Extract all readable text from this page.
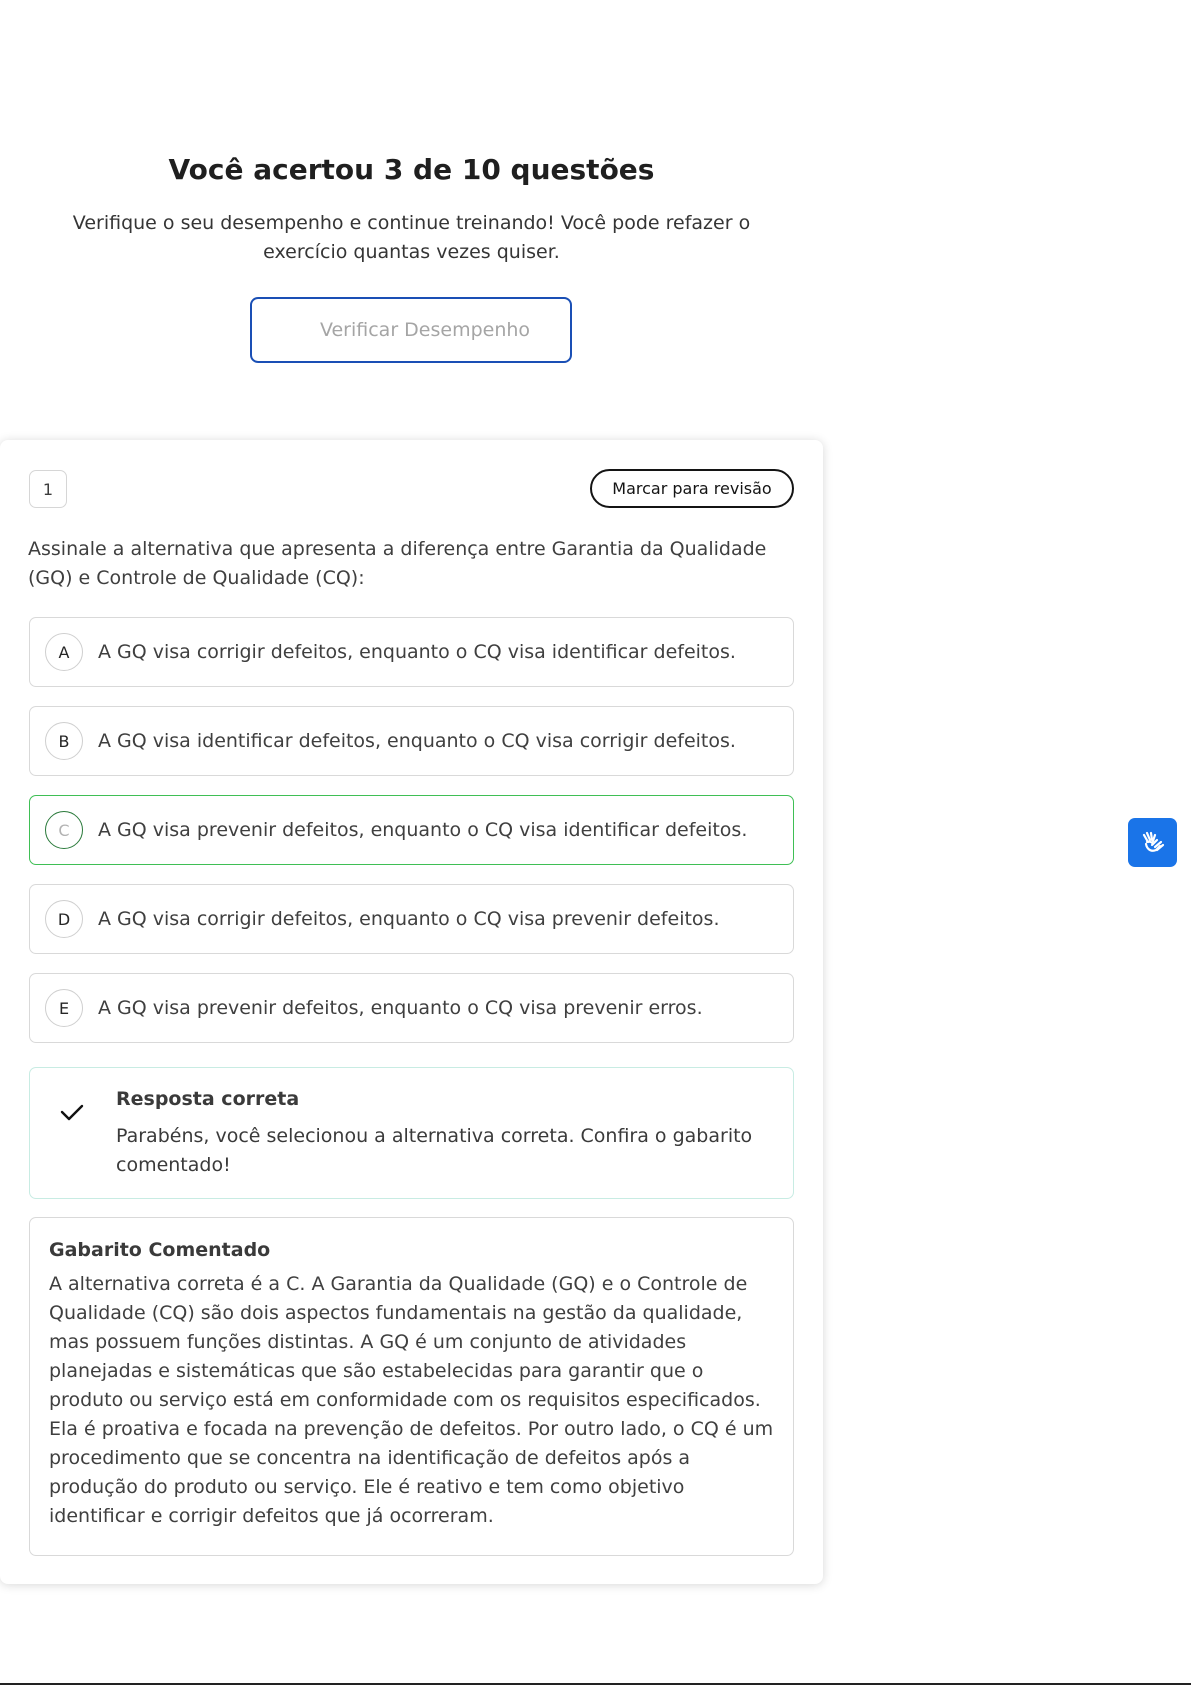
Você acertou 3 de 10 questões

Verifique o seu desempenho e continue treinando! Você pode refazer o exercício quantas vezes quiser.

Verificar Desempenho
1	Marcar para revisão

Assinale a alternativa que apresenta a diferença entre Garantia da Qualidade (GQ) e Controle de Qualidade (CQ):

A	A GQ visa corrigir defeitos, enquanto o CQ visa identificar defeitos.
B	A GQ visa identificar defeitos, enquanto o CQ visa corrigir defeitos.
C	A GQ visa prevenir defeitos, enquanto o CQ visa identificar defeitos.
D	A GQ visa corrigir defeitos, enquanto o CQ visa prevenir defeitos.
E	A GQ visa prevenir defeitos, enquanto o CQ visa prevenir erros.

Resposta correta

Parabéns, você selecionou a alternativa correta. Confira o gabarito comentado!

Gabarito Comentado

A alternativa correta é a C. A Garantia da Qualidade (GQ) e o Controle de Qualidade (CQ) são dois aspectos fundamentais na gestão da qualidade, mas possuem funções distintas. A GQ é um conjunto de atividades planejadas e sistemáticas que são estabelecidas para garantir que o produto ou serviço está em conformidade com os requisitos especificados. Ela é proativa e focada na prevenção de defeitos. Por outro lado, o CQ é um procedimento que se concentra na identificação de defeitos após a produção do produto ou serviço. Ele é reativo e tem como objetivo identificar e corrigir defeitos que já ocorreram.
